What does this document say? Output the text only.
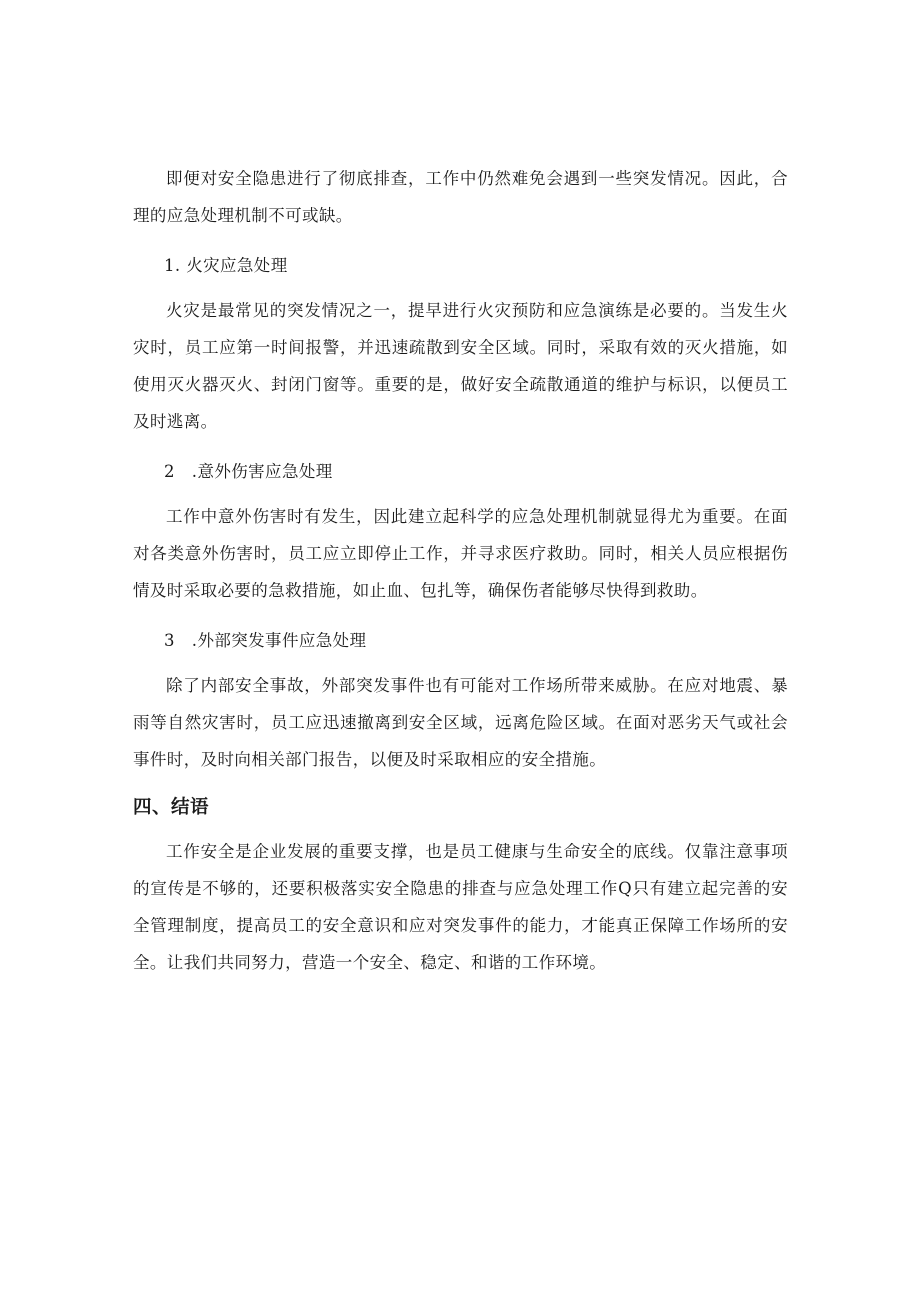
即便对安全隐患进行了彻底排查，工作中仍然难免会遇到一些突发情况。因此，合理的应急处理机制不可或缺。

1. 火灾应急处理

火灾是最常见的突发情况之一，提早进行火灾预防和应急演练是必要的。当发生火灾时，员工应第一时间报警，并迅速疏散到安全区域。同时，采取有效的灭火措施，如使用灭火器灭火、封闭门窗等。重要的是，做好安全疏散通道的维护与标识，以便员工及时逃离。

2　.意外伤害应急处理

工作中意外伤害时有发生，因此建立起科学的应急处理机制就显得尤为重要。在面对各类意外伤害时，员工应立即停止工作，并寻求医疗救助。同时，相关人员应根据伤情及时采取必要的急救措施，如止血、包扎等，确保伤者能够尽快得到救助。

3　.外部突发事件应急处理

除了内部安全事故，外部突发事件也有可能对工作场所带来威胁。在应对地震、暴雨等自然灾害时，员工应迅速撤离到安全区域，远离危险区域。在面对恶劣天气或社会事件时，及时向相关部门报告，以便及时采取相应的安全措施。

四、结语

工作安全是企业发展的重要支撑，也是员工健康与生命安全的底线。仅靠注意事项的宣传是不够的，还要积极落实安全隐患的排查与应急处理工作Q只有建立起完善的安全管理制度，提高员工的安全意识和应对突发事件的能力，才能真正保障工作场所的安全。让我们共同努力，营造一个安全、稳定、和谐的工作环境。
